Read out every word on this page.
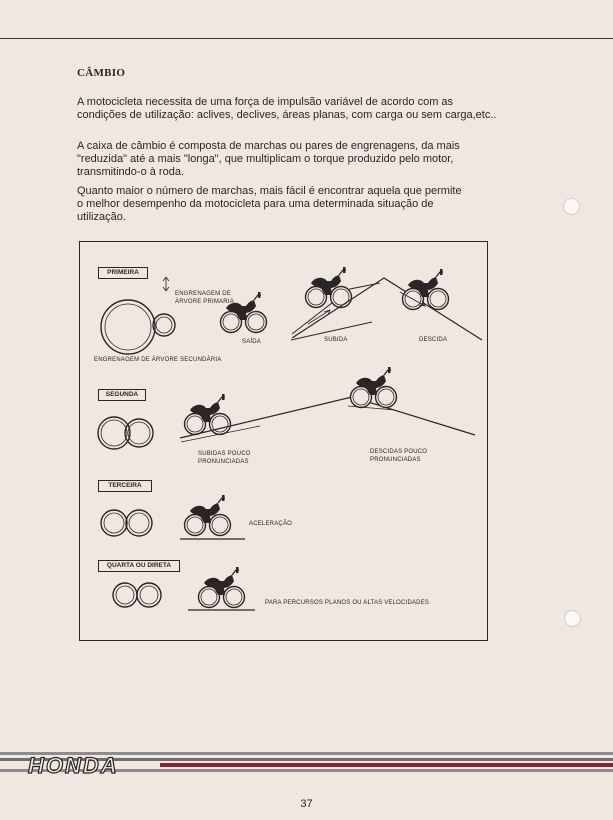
CÂMBIO
A motocicleta necessita de uma força de impulsão variável de acordo com as
condições de utilização: aclives, declives, áreas planas, com carga ou sem carga,etc..
A caixa de câmbio é composta de marchas ou pares de engrenagens, da mais
"reduzida" até a mais "longa", que multiplicam o torque produzido pelo motor,
transmitindo-o à roda.
Quanto maior o número de marchas, mais fácil é encontrar aquela que permite
o melhor desempenho da motocicleta para uma determinada situação de
utilização.
PRIMEIRA
ENGRENAGEM DE
ÁRVORE PRIMARIA
SAÍDA	SUBIDA	DESCIDA
ENGRENAGEM DE ÁRVORE SECUNDÁRIA
SEGUNDA
SUBIDAS POUCO
PRONUNCIADAS
DESCIDAS POUCO
PRONUNCIADAS
TERCEIRA
ACELERAÇÃO
QUARTA OU DIRETA
PARA PERCURSOS PLANOS OU ALTAS VELOCIDADES
HONDA
37
